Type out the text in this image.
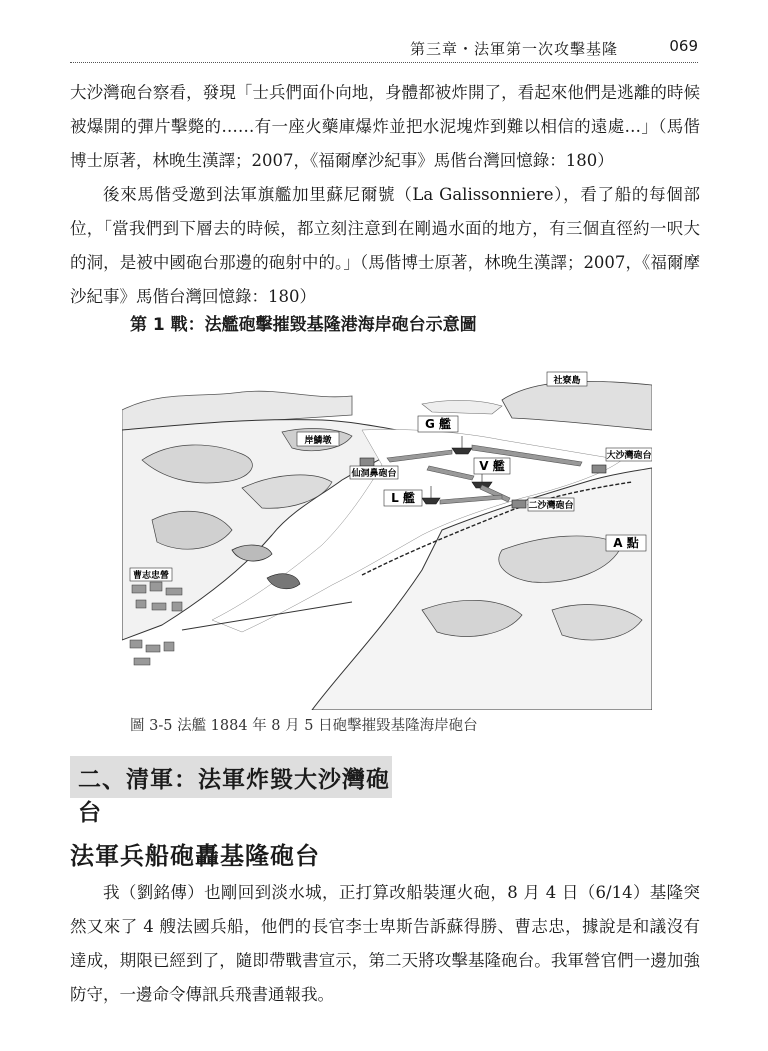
第三章・法軍第一次攻擊基隆	069

大沙灣砲台察看，發現「士兵們面仆向地，身體都被炸開了，看起來他們是逃離的時候被爆開的彈片擊斃的……有一座火藥庫爆炸並把水泥塊炸到難以相信的遠處…」（馬偕博士原著，林晚生漢譯；2007，《福爾摩沙紀事》馬偕台灣回憶錄：180）

後來馬偕受邀到法軍旗艦加里蘇尼爾號（La Galissonniere），看了船的每個部位，「當我們到下層去的時候，都立刻注意到在剛過水面的地方，有三個直徑約一呎大的洞，是被中國砲台那邊的砲射中的。」（馬偕博士原著，林晚生漢譯；2007，《福爾摩沙紀事》馬偕台灣回憶錄：180）

第 1 戰：法艦砲擊摧毀基隆港海岸砲台示意圖
社寮島
岸鱗墩
仙洞鼻砲台
大沙灣砲台
二沙灣砲台
曹志忠營
G 艦
V 艦
L 艦
A 點
圖 3-5 法艦 1884 年 8 月 5 日砲擊摧毀基隆海岸砲台
二、清軍：法軍炸毀大沙灣砲台
法軍兵船砲轟基隆砲台

我（劉銘傳）也剛回到淡水城，正打算改船裝運火砲，8 月 4 日（6/14）基隆突然又來了 4 艘法國兵船，他們的長官李士卑斯告訴蘇得勝、曹志忠，據說是和議沒有達成，期限已經到了，隨即帶戰書宣示，第二天將攻擊基隆砲台。我軍營官們一邊加強防守，一邊命令傳訊兵飛書通報我。
